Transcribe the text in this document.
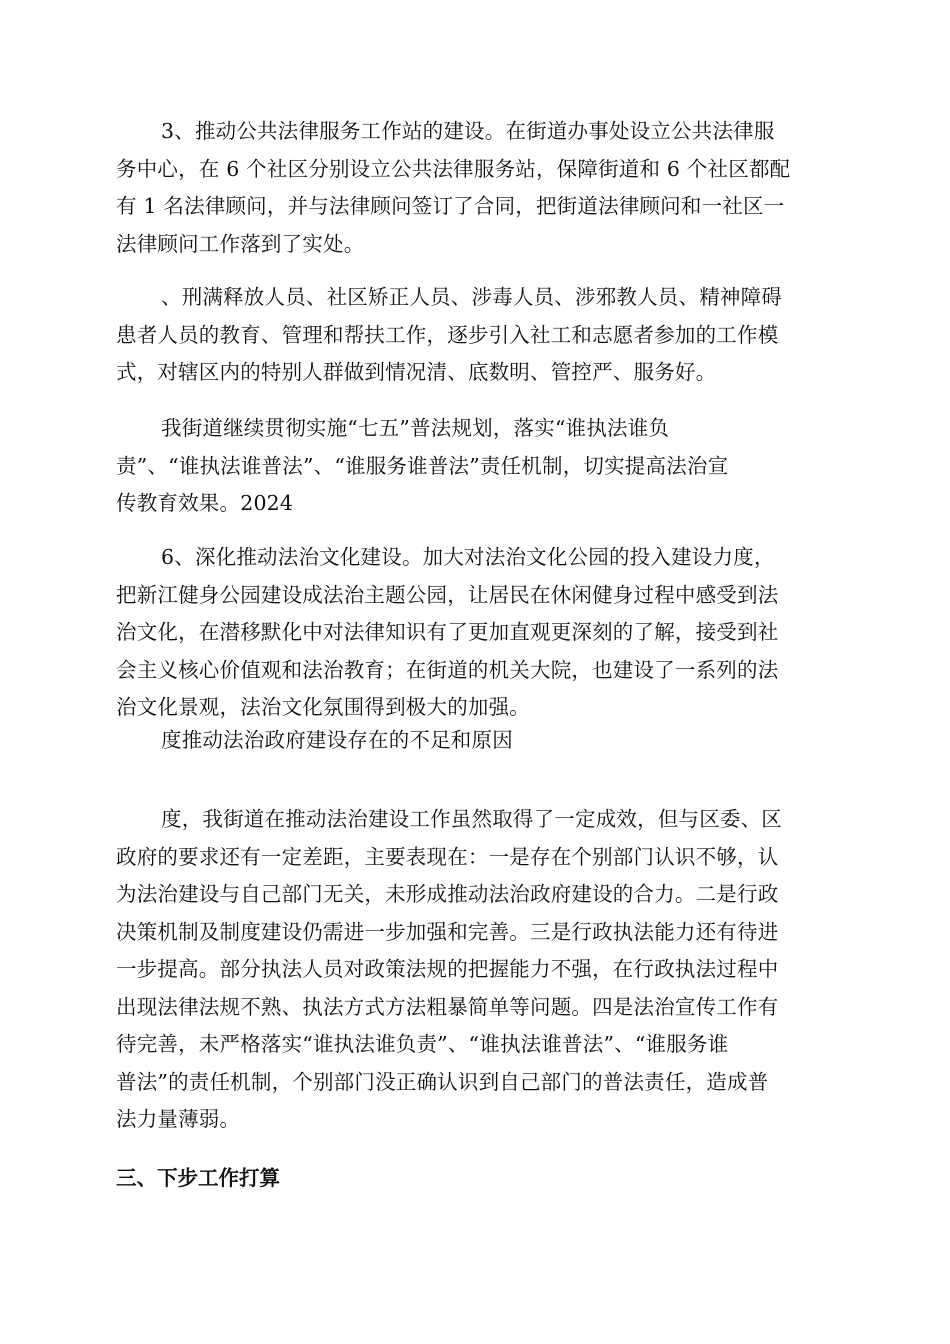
3、推动公共法律服务工作站的建设。在街道办事处设立公共法律服
务中心，在 6 个社区分别设立公共法律服务站，保障街道和 6 个社区都配
有 1 名法律顾问，并与法律顾问签订了合同，把街道法律顾问和一社区一
法律顾问工作落到了实处。

、刑满释放人员、社区矫正人员、涉毒人员、涉邪教人员、精神障碍
患者人员的教育、管理和帮扶工作，逐步引入社工和志愿者参加的工作模
式，对辖区内的特别人群做到情况清、底数明、管控严、服务好。

我街道继续贯彻实施“七五”普法规划，落实“谁执法谁负
责”、“谁执法谁普法”、“谁服务谁普法”责任机制，切实提高法治宣
传教育效果。2024

6、深化推动法治文化建设。加大对法治文化公园的投入建设力度，
把新江健身公园建设成法治主题公园，让居民在休闲健身过程中感受到法
治文化，在潜移默化中对法律知识有了更加直观更深刻的了解，接受到社
会主义核心价值观和法治教育；在街道的机关大院，也建设了一系列的法
治文化景观，法治文化氛围得到极大的加强。

度推动法治政府建设存在的不足和原因

度，我街道在推动法治建设工作虽然取得了一定成效，但与区委、区
政府的要求还有一定差距，主要表现在：一是存在个别部门认识不够，认
为法治建设与自己部门无关，未形成推动法治政府建设的合力。二是行政
决策机制及制度建设仍需进一步加强和完善。三是行政执法能力还有待进
一步提高。部分执法人员对政策法规的把握能力不强，在行政执法过程中
出现法律法规不熟、执法方式方法粗暴简单等问题。四是法治宣传工作有
待完善，未严格落实“谁执法谁负责”、“谁执法谁普法”、“谁服务谁
普法”的责任机制，个别部门没正确认识到自己部门的普法责任，造成普
法力量薄弱。

三、下步工作打算
